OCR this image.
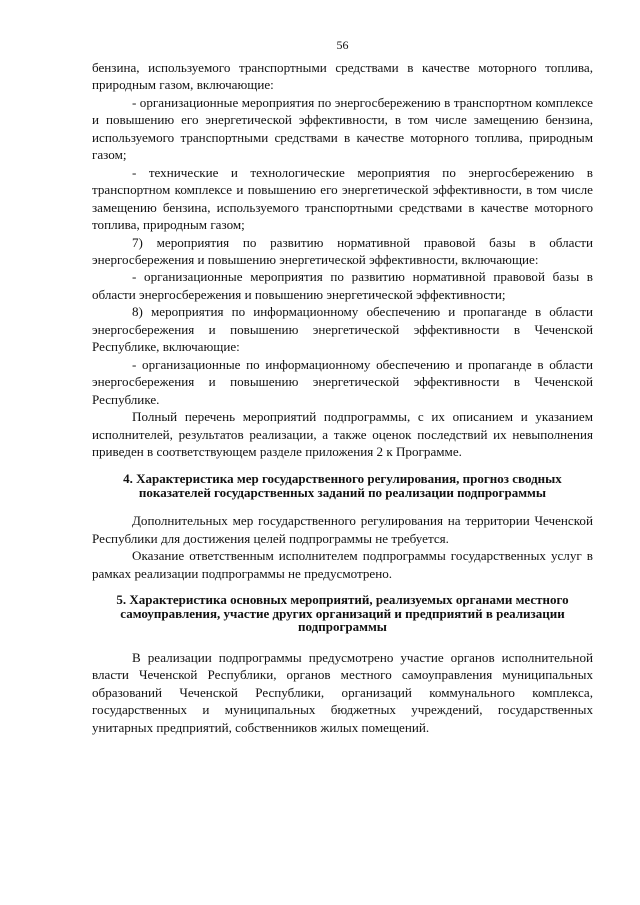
56

бензина, используемого транспортными средствами в качестве моторного топлива, природным газом, включающие:

- организационные мероприятия по энергосбережению в транспортном комплексе и повышению его энергетической эффективности, в том числе замещению бензина, используемого транспортными средствами в качестве моторного топлива, природным газом;

- технические и технологические мероприятия по энергосбережению в транспортном комплексе и повышению его энергетической эффективности, в том числе замещению бензина, используемого транспортными средствами в качестве моторного топлива, природным газом;

7) мероприятия по развитию нормативной правовой базы в области энергосбережения и повышению энергетической эффективности, включающие:

- организационные мероприятия по развитию нормативной правовой базы в области энергосбережения и повышению энергетической эффективности;

8) мероприятия по информационному обеспечению и пропаганде в области энергосбережения и повышению энергетической эффективности в Чеченской Республике, включающие:

- организационные по информационному обеспечению и пропаганде в области энергосбережения и повышению энергетической эффективности в Чеченской Республике.

Полный перечень мероприятий подпрограммы, с их описанием и указанием исполнителей, результатов реализации, а также оценок последствий их невыполнения приведен в соответствующем разделе приложения 2 к Программе.

4. Характеристика мер государственного регулирования, прогноз сводных показателей государственных заданий по реализации подпрограммы

Дополнительных мер государственного регулирования на территории Чеченской Республики для достижения целей подпрограммы не требуется.

Оказание ответственным исполнителем подпрограммы государственных услуг в рамках реализации подпрограммы не предусмотрено.

5. Характеристика основных мероприятий, реализуемых органами местного самоуправления, участие других организаций и предприятий в реализации подпрограммы

В реализации подпрограммы предусмотрено участие органов исполнительной власти Чеченской Республики, органов местного самоуправления муниципальных образований Чеченской Республики, организаций коммунального комплекса, государственных и муниципальных бюджетных учреждений, государственных унитарных предприятий, собственников жилых помещений.
